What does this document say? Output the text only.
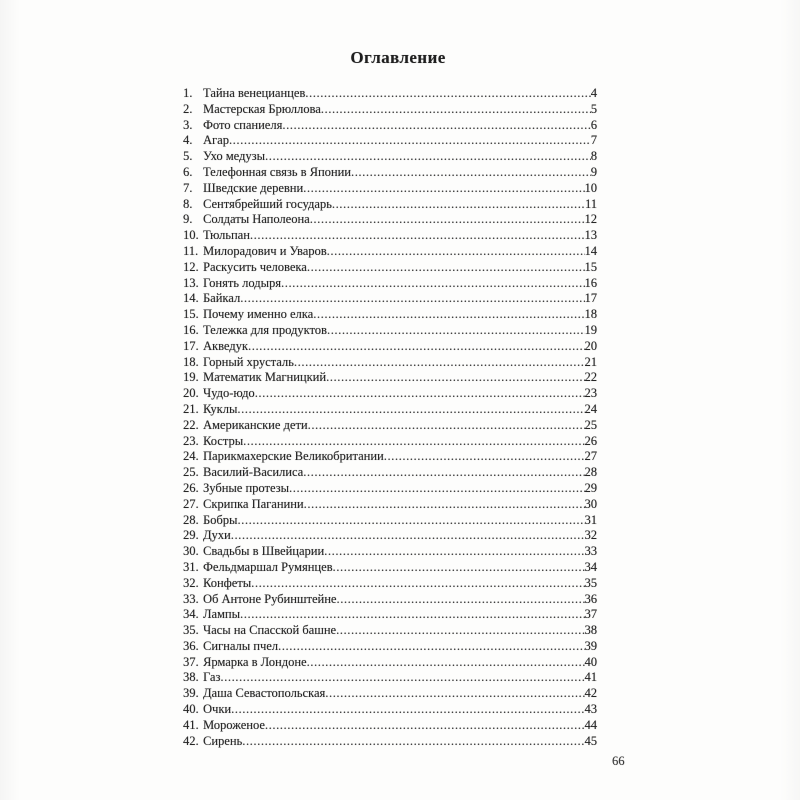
Оглавление
1. Тайна венецианцев .....	4
2. Мастерская Брюллова .....	5
3. Фото спаниеля .....	6
4. Агар .....	7
5. Ухо медузы .....	8
6. Телефонная связь в Японии .....	9
7. Шведские деревни .....	10
8. Сентябрейший государь .....	11
9. Солдаты Наполеона .....	12
10. Тюльпан .....	13
11. Милорадович и Уваров .....	14
12. Раскусить человека .....	15
13. Гонять лодыря .....	16
14. Байкал .....	17
15. Почему именно елка .....	18
16. Тележка для продуктов .....	19
17. Акведук .....	20
18. Горный хрусталь .....	21
19. Математик Магницкий .....	22
20. Чудо-юдо .....	23
21. Куклы .....	24
22. Американские дети .....	25
23. Костры .....	26
24. Парикмахерские Великобритании .....	27
25. Василий-Василиса .....	28
26. Зубные протезы .....	29
27. Скрипка Паганини .....	30
28. Бобры .....	31
29. Духи .....	32
30. Свадьбы в Швейцарии .....	33
31. Фельдмаршал Румянцев .....	34
32. Конфеты .....	35
33. Об Антоне Рубинштейне .....	36
34. Лампы .....	37
35. Часы на Спасской башне .....	38
36. Сигналы пчел .....	39
37. Ярмарка в Лондоне .....	40
38. Газ .....	41
39. Даша Севастопольская .....	42
40. Очки .....	43
41. Мороженое .....	44
42. Сирень .....	45
66
